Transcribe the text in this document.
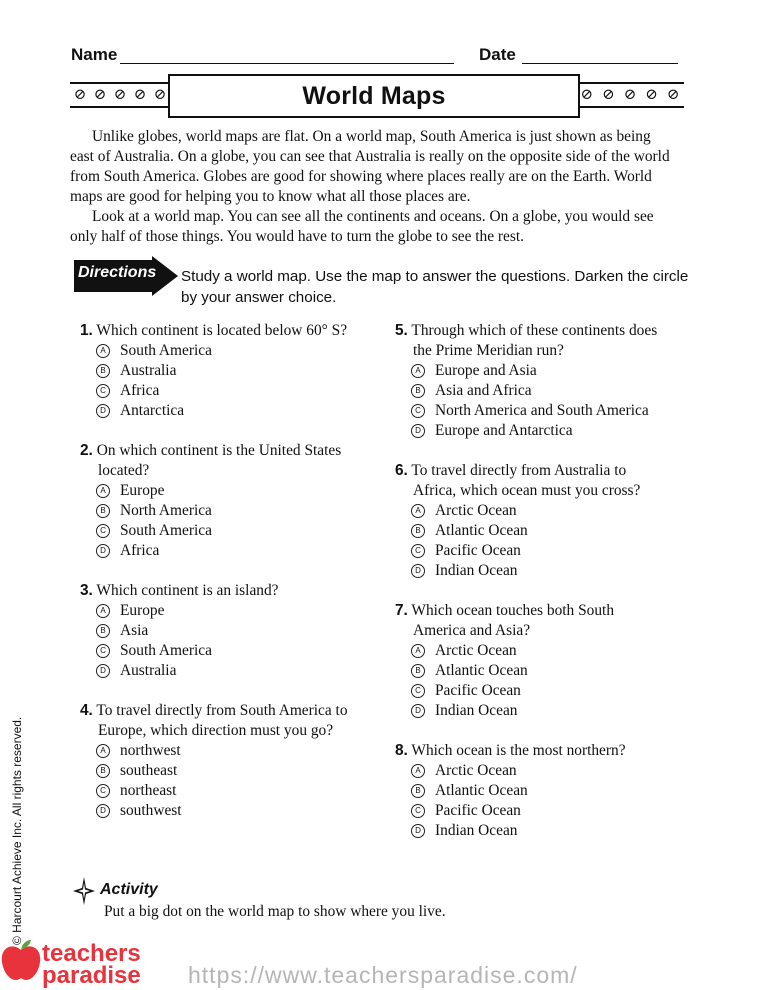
Name	Date
⊘ ⊘ ⊘ ⊘ ⊘	⊘ ⊘ ⊘ ⊘ ⊘
World Maps
Unlike globes, world maps are flat. On a world map, South America is just shown as being east of Australia. On a globe, you can see that Australia is really on the opposite side of the world from South America. Globes are good for showing where places really are on the Earth. World maps are good for helping you to know what all those places are.
Look at a world map. You can see all the continents and oceans. On a globe, you would see only half of those things. You would have to turn the globe to see the rest.
Directions Study a world map. Use the map to answer the questions. Darken the circle by your answer choice.
1. Which continent is located below 60° S?
A South America
B Australia
C Africa
D Antarctica
2. On which continent is the United States
located?
A Europe
B North America
C South America
D Africa
3. Which continent is an island?
A Europe
B Asia
C South America
D Australia
4. To travel directly from South America to
Europe, which direction must you go?
A northwest
B southeast
C northeast
D southwest
5. Through which of these continents does
the Prime Meridian run?
A Europe and Asia
B Asia and Africa
C North America and South America
D Europe and Antarctica
6. To travel directly from Australia to
Africa, which ocean must you cross?
A Arctic Ocean
B Atlantic Ocean
C Pacific Ocean
D Indian Ocean
7. Which ocean touches both South
America and Asia?
A Arctic Ocean
B Atlantic Ocean
C Pacific Ocean
D Indian Ocean
8. Which ocean is the most northern?
A Arctic Ocean
B Atlantic Ocean
C Pacific Ocean
D Indian Ocean
Activity
Put a big dot on the world map to show where you live.
© Harcourt Achieve Inc. All rights reserved.
teachers
paradise https://www.teachersparadise.com/
